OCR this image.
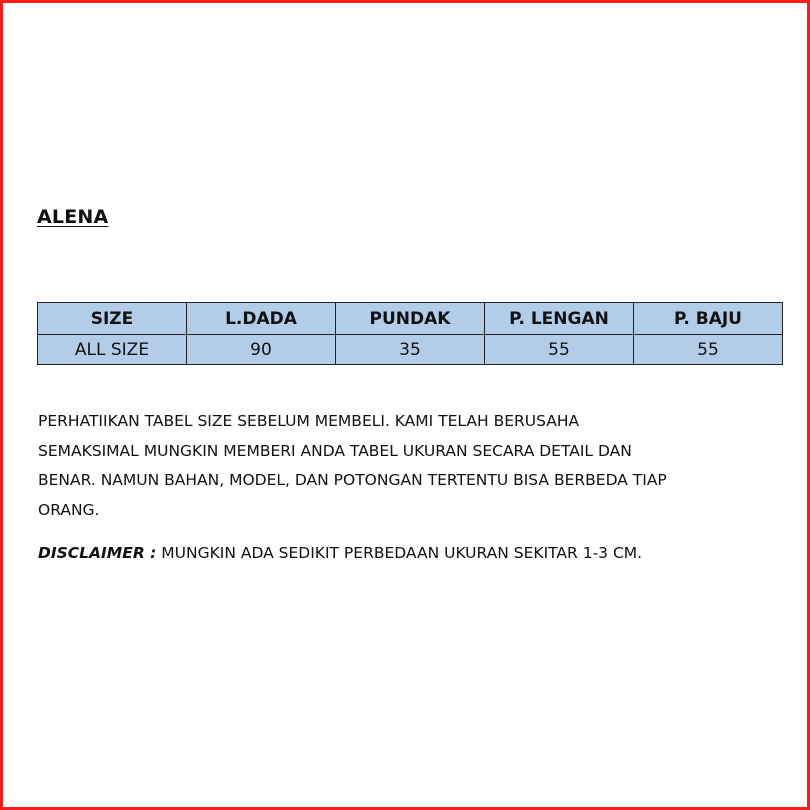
ALENA
SIZE	L.DADA	PUNDAK	P. LENGAN	P. BAJU
ALL SIZE	90	35	55	55

PERHATIIKAN TABEL SIZE SEBELUM MEMBELI. KAMI TELAH BERUSAHA
SEMAKSIMAL MUNGKIN MEMBERI ANDA TABEL UKURAN SECARA DETAIL DAN
BENAR. NAMUN BAHAN, MODEL, DAN POTONGAN TERTENTU BISA BERBEDA TIAP
ORANG.

DISCLAIMER : MUNGKIN ADA SEDIKIT PERBEDAAN UKURAN SEKITAR 1-3 CM.
